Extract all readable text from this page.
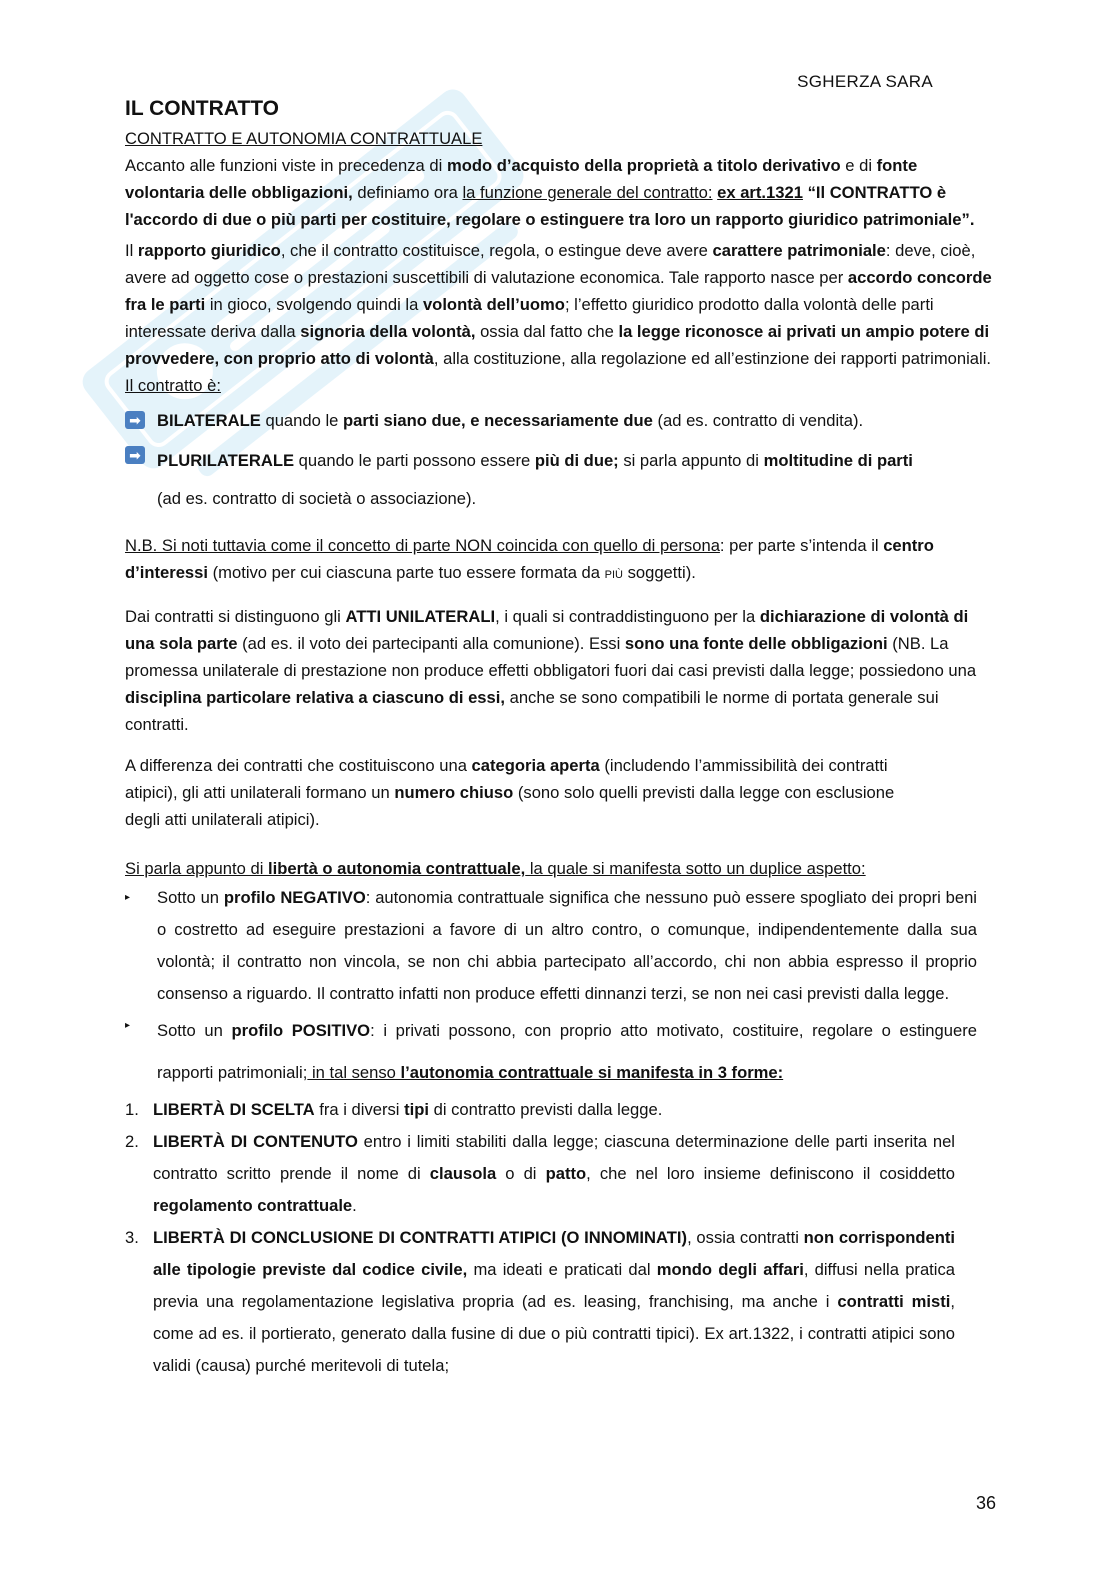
SGHERZA SARA
IL CONTRATTO
CONTRATTO E AUTONOMIA CONTRATTUALE

Accanto alle funzioni viste in precedenza di modo d’acquisto della proprietà a titolo derivativo e di fonte volontaria delle obbligazioni, definiamo ora la funzione generale del contratto: ex art.1321 “Il CONTRATTO è l'accordo di due o più parti per costituire, regolare o estinguere tra loro un rapporto giuridico patrimoniale”.

Il rapporto giuridico, che il contratto costituisce, regola, o estingue deve avere carattere patrimoniale: deve, cioè, avere ad oggetto cose o prestazioni suscettibili di valutazione economica. Tale rapporto nasce per accordo concorde fra le parti in gioco, svolgendo quindi la volontà dell’uomo; l’effetto giuridico prodotto dalla volontà delle parti interessate deriva dalla signoria della volontà, ossia dal fatto che la legge riconosce ai privati un ampio potere di provvedere, con proprio atto di volontà, alla costituzione, alla regolazione ed all’estinzione dei rapporti patrimoniali. Il contratto è:

➡ BILATERALE quando le parti siano due, e necessariamente due (ad es. contratto di vendita).
➡ PLURILATERALE quando le parti possono essere più di due; si parla appunto di moltitudine di parti
(ad es. contratto di società o associazione).

N.B. Si noti tuttavia come il concetto di parte NON coincida con quello di persona: per parte s’intenda il centro d’interessi (motivo per cui ciascuna parte tuo essere formata da PIÙ soggetti).

Dai contratti si distinguono gli ATTI UNILATERALI, i quali si contraddistinguono per la dichiarazione di volontà di una sola parte (ad es. il voto dei partecipanti alla comunione). Essi sono una fonte delle obbligazioni (NB. La promessa unilaterale di prestazione non produce effetti obbligatori fuori dai casi previsti dalla legge; possiedono una disciplina particolare relativa a ciascuno di essi, anche se sono compatibili le norme di portata generale sui contratti.

A differenza dei contratti che costituiscono una categoria aperta (includendo l’ammissibilità dei contratti atipici), gli atti unilaterali formano un numero chiuso (sono solo quelli previsti dalla legge con esclusione degli atti unilaterali atipici).

Si parla appunto di libertà o autonomia contrattuale, la quale si manifesta sotto un duplice aspetto:

▸	Sotto un profilo NEGATIVO: autonomia contrattuale significa che nessuno può essere spogliato dei propri beni o costretto ad eseguire prestazioni a favore di un altro contro, o comunque, indipendentemente dalla sua volontà; il contratto non vincola, se non chi abbia partecipato all’accordo, chi non abbia espresso il proprio consenso a riguardo. Il contratto infatti non produce effetti dinnanzi terzi, se non nei casi previsti dalla legge.
▸	Sotto un profilo POSITIVO: i privati possono, con proprio atto motivato, costituire, regolare o estinguere rapporti patrimoniali; in tal senso l’autonomia contrattuale si manifesta in 3 forme:
1. LIBERTÀ DI SCELTA fra i diversi tipi di contratto previsti dalla legge.
2. LIBERTÀ DI CONTENUTO entro i limiti stabiliti dalla legge; ciascuna determinazione delle parti inserita nel contratto scritto prende il nome di clausola o di patto, che nel loro insieme definiscono il cosiddetto regolamento contrattuale.
3. LIBERTÀ DI CONCLUSIONE DI CONTRATTI ATIPICI (O INNOMINATI), ossia contratti non corrispondenti alle tipologie previste dal codice civile, ma ideati e praticati dal mondo degli affari, diffusi nella pratica previa una regolamentazione legislativa propria (ad es. leasing, franchising, ma anche i contratti misti, come ad es. il portierato, generato dalla fusine di due o più contratti tipici). Ex art.1322, i contratti atipici sono validi (causa) purché meritevoli di tutela;
36
